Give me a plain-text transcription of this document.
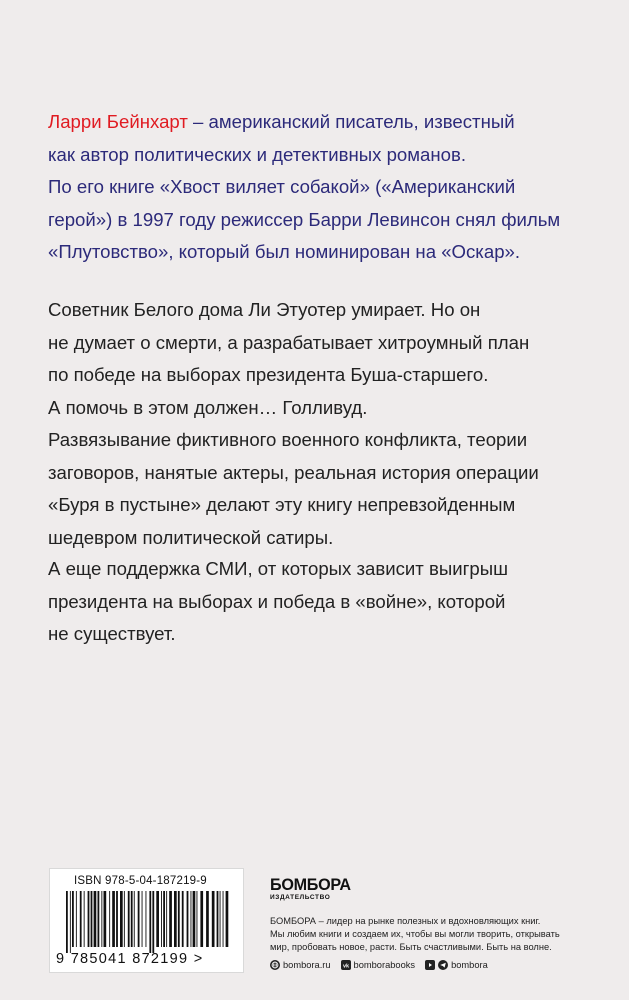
Ларри Бейнхарт – американский писатель, известный
как автор политических и детективных романов.
По его книге «Хвост виляет собакой» («Американский
герой») в 1997 году режиссер Барри Левинсон снял фильм
«Плутовство», который был номинирован на «Оскар».
Советник Белого дома Ли Этуотер умирает. Но он
не думает о смерти, а разрабатывает хитроумный план
по победе на выборах президента Буша-старшего.
А помочь в этом должен… Голливуд.
Развязывание фиктивного военного конфликта, теории
заговоров, нанятые актеры, реальная история операции
«Буря в пустыне» делают эту книгу непревзойденным
шедевром политической сатиры.
А еще поддержка СМИ, от которых зависит выигрыш
президента на выборах и победа в «войне», которой
не существует.
ISBN 978-5-04-187219-9
9 785041 872199 >
БОМБОРА
ИЗДАТЕЛЬСТВО
БОМБОРА – лидер на рынке полезных и вдохновляющих книг.
Мы любим книги и создаем их, чтобы вы могли творить, открывать
мир, пробовать новое, расти. Быть счастливыми. Быть на волне.
bombora.ru vk bomborabooks	bombora
